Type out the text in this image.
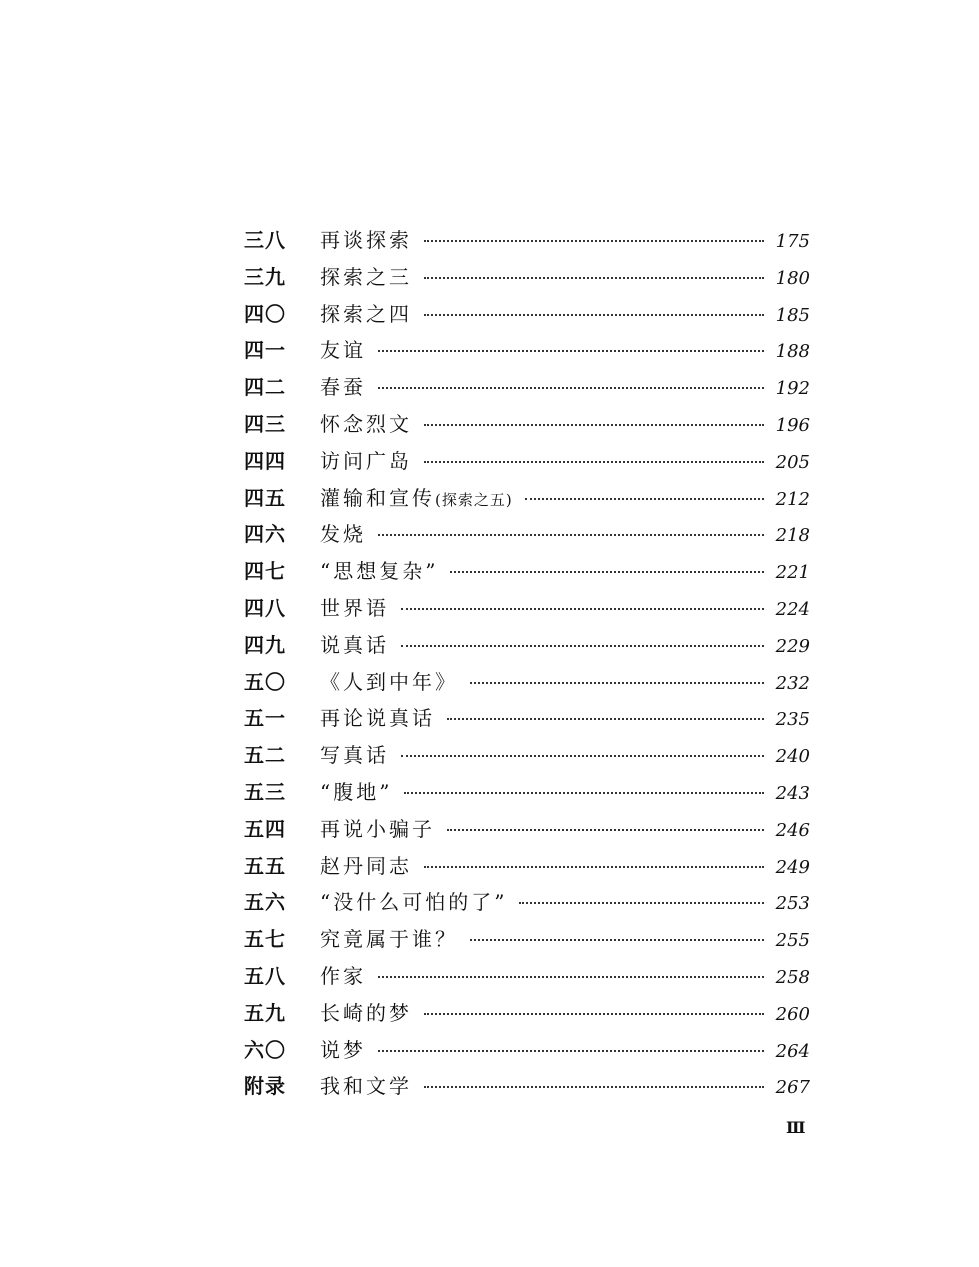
三八	再谈探索	175
三九	探索之三	180
四〇	探索之四	185
四一	友谊	188
四二	春蚕	192
四三	怀念烈文	196
四四	访问广岛	205
四五	灌输和宣传(探索之五)	212
四六	发烧	218
四七	“思想复杂”	221
四八	世界语	224
四九	说真话	229
五〇	《人到中年》	232
五一	再论说真话	235
五二	写真话	240
五三	“腹地”	243
五四	再说小骗子	246
五五	赵丹同志	249
五六	“没什么可怕的了”	253
五七	究竟属于谁？	255
五八	作家	258
五九	长崎的梦	260
六〇	说梦	264
附录	我和文学	267
Ⅲ
